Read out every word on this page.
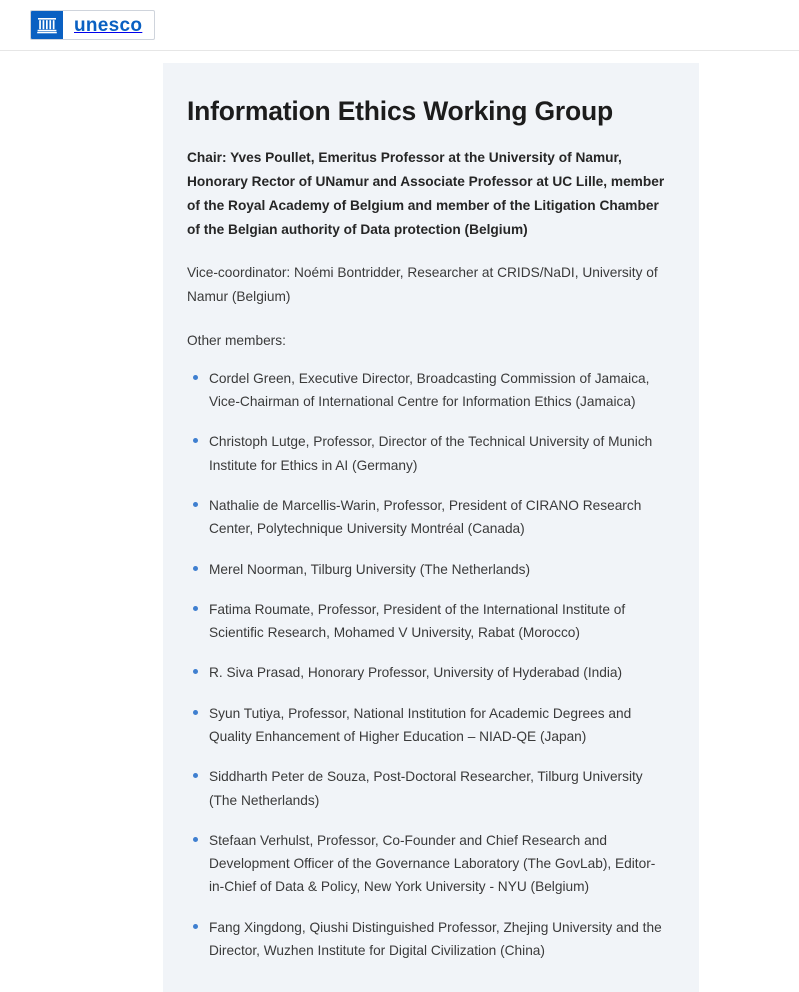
unesco
Information Ethics Working Group

Chair: Yves Poullet, Emeritus Professor at the University of Namur, Honorary Rector of UNamur and Associate Professor at UC Lille, member of the Royal Academy of Belgium and member of the Litigation Chamber of the Belgian authority of Data protection (Belgium)

Vice-coordinator: Noémi Bontridder, Researcher at CRIDS/NaDI, University of Namur (Belgium)

Other members:

Cordel Green, Executive Director, Broadcasting Commission of Jamaica, Vice-Chairman of International Centre for Information Ethics (Jamaica)
Christoph Lutge, Professor, Director of the Technical University of Munich Institute for Ethics in AI (Germany)
Nathalie de Marcellis-Warin, Professor, President of CIRANO Research Center, Polytechnique University Montréal (Canada)
Merel Noorman, Tilburg University (The Netherlands)
Fatima Roumate, Professor, President of the International Institute of Scientific Research, Mohamed V University, Rabat (Morocco)
R. Siva Prasad, Honorary Professor, University of Hyderabad (India)
Syun Tutiya, Professor, National Institution for Academic Degrees and Quality Enhancement of Higher Education – NIAD-QE (Japan)
Siddharth Peter de Souza, Post-Doctoral Researcher, Tilburg University (The Netherlands)
Stefaan Verhulst, Professor, Co-Founder and Chief Research and Development Officer of the Governance Laboratory (The GovLab), Editor-in-Chief of Data & Policy, New York University - NYU (Belgium)
Fang Xingdong, Qiushi Distinguished Professor, Zhejing University and the Director, Wuzhen Institute for Digital Civilization (China)
